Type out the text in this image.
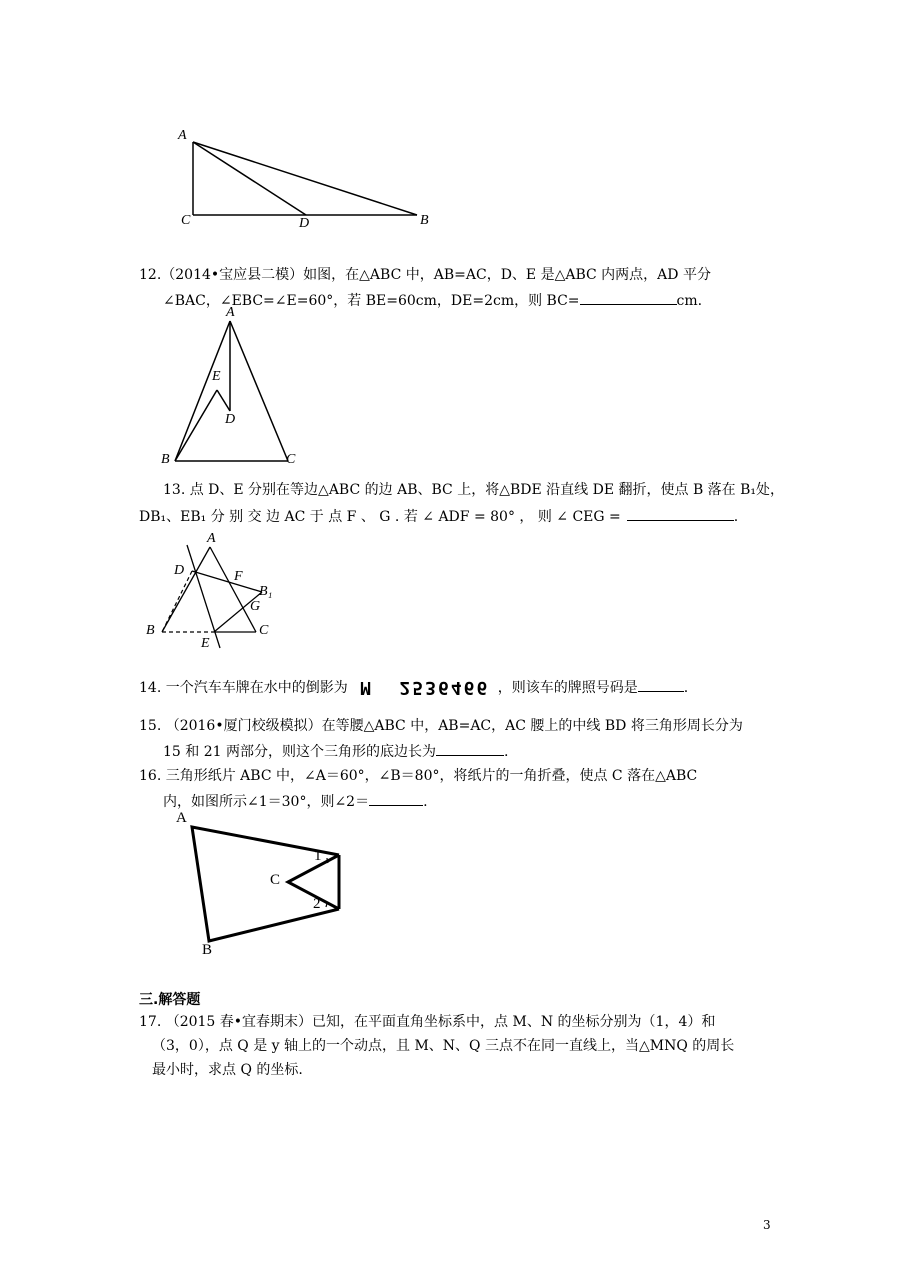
A
C	D	B
12.（2014•宝应县二模）如图，在△ABC 中，AB=AC，D、E 是△ABC 内两点，AD 平分
∠BAC，∠EBC=∠E=60°，若 BE=60cm，DE=2cm，则 BC=	cm.
A
E
D
B	C
13. 点 D、E 分别在等边△ABC 的边 AB、BC 上，将△BDE 沿直线 DE 翻折，使点 B 落在 B₁处，
DB₁、EB₁ 分 别 交 边 AC 于 点 F 、 G . 若 ∠ ADF = 80° ， 则 ∠ CEG =	.
A
D	F
B₁
G
B
E
C
14. 一个汽车车牌在水中的倒影为 M 2536466 ，则该车的牌照号码是	.
15. （2016•厦门校级模拟）在等腰△ABC 中，AB=AC，AC 腰上的中线 BD 将三角形周长分为
15 和 21 两部分，则这个三角形的底边长为	.
16. 三角形纸片 ABC 中，∠A＝60°，∠B＝80°，将纸片的一角折叠，使点 C 落在△ABC
内，如图所示∠1＝30°，则∠2＝	.
A
C
1
2
B
三.解答题
17. （2015 春•宜春期末）已知，在平面直角坐标系中，点 M、N 的坐标分别为（1，4）和
（3，0），点 Q 是 y 轴上的一个动点，且 M、N、Q 三点不在同一直线上，当△MNQ 的周长
最小时，求点 Q 的坐标.
3
